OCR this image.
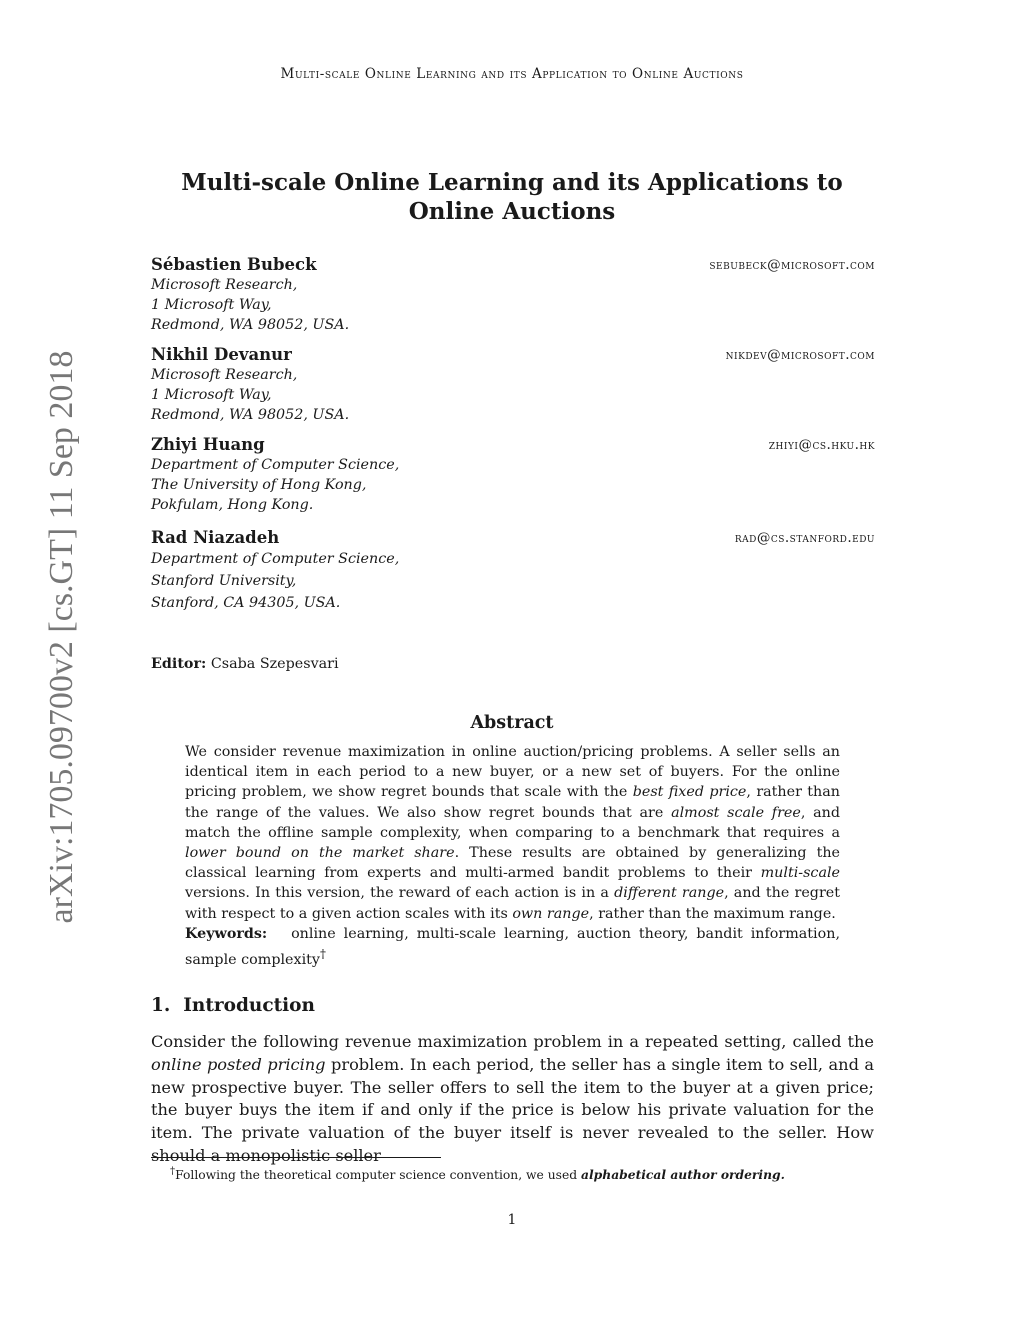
Multi-scale Online Learning and its Application to Online Auctions
Multi-scale Online Learning and its Applications to Online Auctions
arXiv:1705.09700v2 [cs.GT] 11 Sep 2018
Sébastien Bubeck	sebubeck@microsoft.com
Microsoft Research,
1 Microsoft Way,
Redmond, WA 98052, USA.
Nikhil Devanur	nikdev@microsoft.com
Microsoft Research,
1 Microsoft Way,
Redmond, WA 98052, USA.
Zhiyi Huang	zhiyi@cs.hku.hk
Department of Computer Science,
The University of Hong Kong,
Pokfulam, Hong Kong.
Rad Niazadeh	rad@cs.stanford.edu
Department of Computer Science,
Stanford University,
Stanford, CA 94305, USA.
Editor: Csaba Szepesvari
Abstract

We consider revenue maximization in online auction/pricing problems. A seller sells an identical item in each period to a new buyer, or a new set of buyers. For the online pricing problem, we show regret bounds that scale with the best fixed price, rather than the range of the values. We also show regret bounds that are almost scale free, and match the offline sample complexity, when comparing to a benchmark that requires a lower bound on the market share. These results are obtained by generalizing the classical learning from experts and multi-armed bandit problems to their multi-scale versions. In this version, the reward of each action is in a different range, and the regret with respect to a given action scales with its own range, rather than the maximum range.

Keywords: online learning, multi-scale learning, auction theory, bandit information, sample complexity†

1. Introduction

Consider the following revenue maximization problem in a repeated setting, called the online posted pricing problem. In each period, the seller has a single item to sell, and a new prospective buyer. The seller offers to sell the item to the buyer at a given price; the buyer buys the item if and only if the price is below his private valuation for the item. The private valuation of the buyer itself is never revealed to the seller. How should a monopolistic seller

†Following the theoretical computer science convention, we used alphabetical author ordering.
1
